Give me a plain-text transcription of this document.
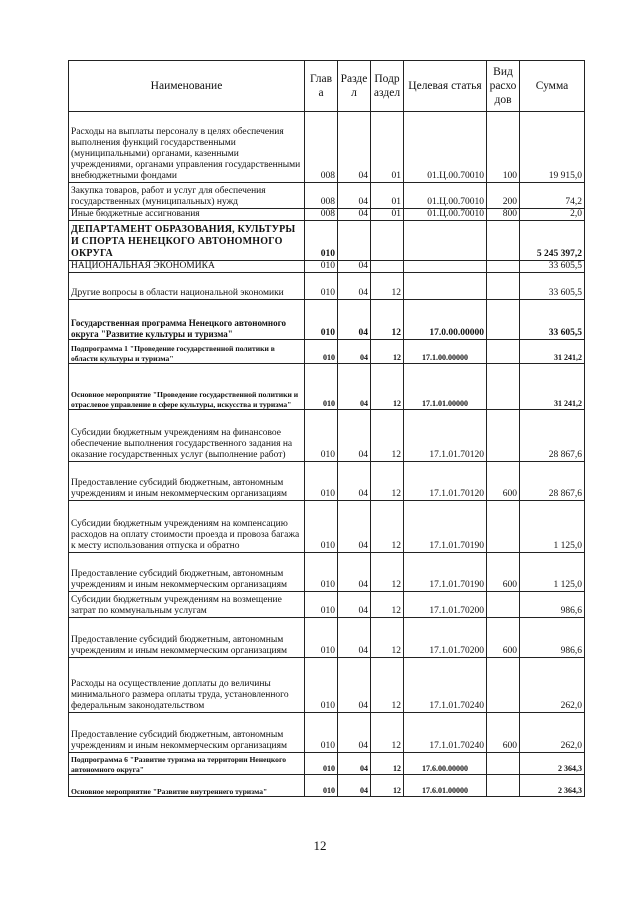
Наименование	Глав а	Разде л	Подр аздел	Целевая статья	Вид расхо дов	Сумма
Расходы на выплаты персоналу в целях обеспечения выполнения функций государственными (муниципальными) органами, казенными учреждениями, органами управления государственными внебюджетными фондами	008	04	01	01.Ц.00.70010	100	19 915,0
Закупка товаров, работ и услуг для обеспечения государственных (муниципальных) нужд	008	04	01	01.Ц.00.70010	200	74,2
Иные бюджетные ассигнования	008	04	01	01.Ц.00.70010	800	2,0
ДЕПАРТАМЕНТ ОБРАЗОВАНИЯ, КУЛЬТУРЫ И СПОРТА НЕНЕЦКОГО АВТОНОМНОГО ОКРУГА	010					5 245 397,2
НАЦИОНАЛЬНАЯ ЭКОНОМИКА	010	04				33 605,5
Другие вопросы в области национальной экономики	010	04	12			33 605,5
Государственная программа Ненецкого автономного округа "Развитие культуры и туризма"	010	04	12	17.0.00.00000		33 605,5
Подпрограмма 1 "Проведение государственной политики в области культуры и туризма"	010	04	12	17.1.00.00000		31 241,2
Основное мероприятие "Проведение государственной политики и отраслевое управление в сфере культуры, искусства и туризма"	010	04	12	17.1.01.00000		31 241,2
Субсидии бюджетным учреждениям на финансовое обеспечение выполнения государственного задания на оказание государственных услуг (выполнение работ)	010	04	12	17.1.01.70120		28 867,6
Предоставление субсидий бюджетным, автономным учреждениям и иным некоммерческим организациям	010	04	12	17.1.01.70120	600	28 867,6
Субсидии бюджетным учреждениям на компенсацию расходов на оплату стоимости проезда и провоза багажа к месту использования отпуска и обратно	010	04	12	17.1.01.70190		1 125,0
Предоставление субсидий бюджетным, автономным учреждениям и иным некоммерческим организациям	010	04	12	17.1.01.70190	600	1 125,0
Субсидии бюджетным учреждениям на возмещение затрат по коммунальным услугам	010	04	12	17.1.01.70200		986,6
Предоставление субсидий бюджетным, автономным учреждениям и иным некоммерческим организациям	010	04	12	17.1.01.70200	600	986,6
Расходы на осуществление доплаты до величины минимального размера оплаты труда, установленного федеральным законодательством	010	04	12	17.1.01.70240		262,0
Предоставление субсидий бюджетным, автономным учреждениям и иным некоммерческим организациям	010	04	12	17.1.01.70240	600	262,0
Подпрограмма 6 "Развитие туризма на территории Ненецкого автономного округа"	010	04	12	17.6.00.00000		2 364,3
Основное мероприятие "Развитие внутреннего туризма"	010	04	12	17.6.01.00000		2 364,3
12
